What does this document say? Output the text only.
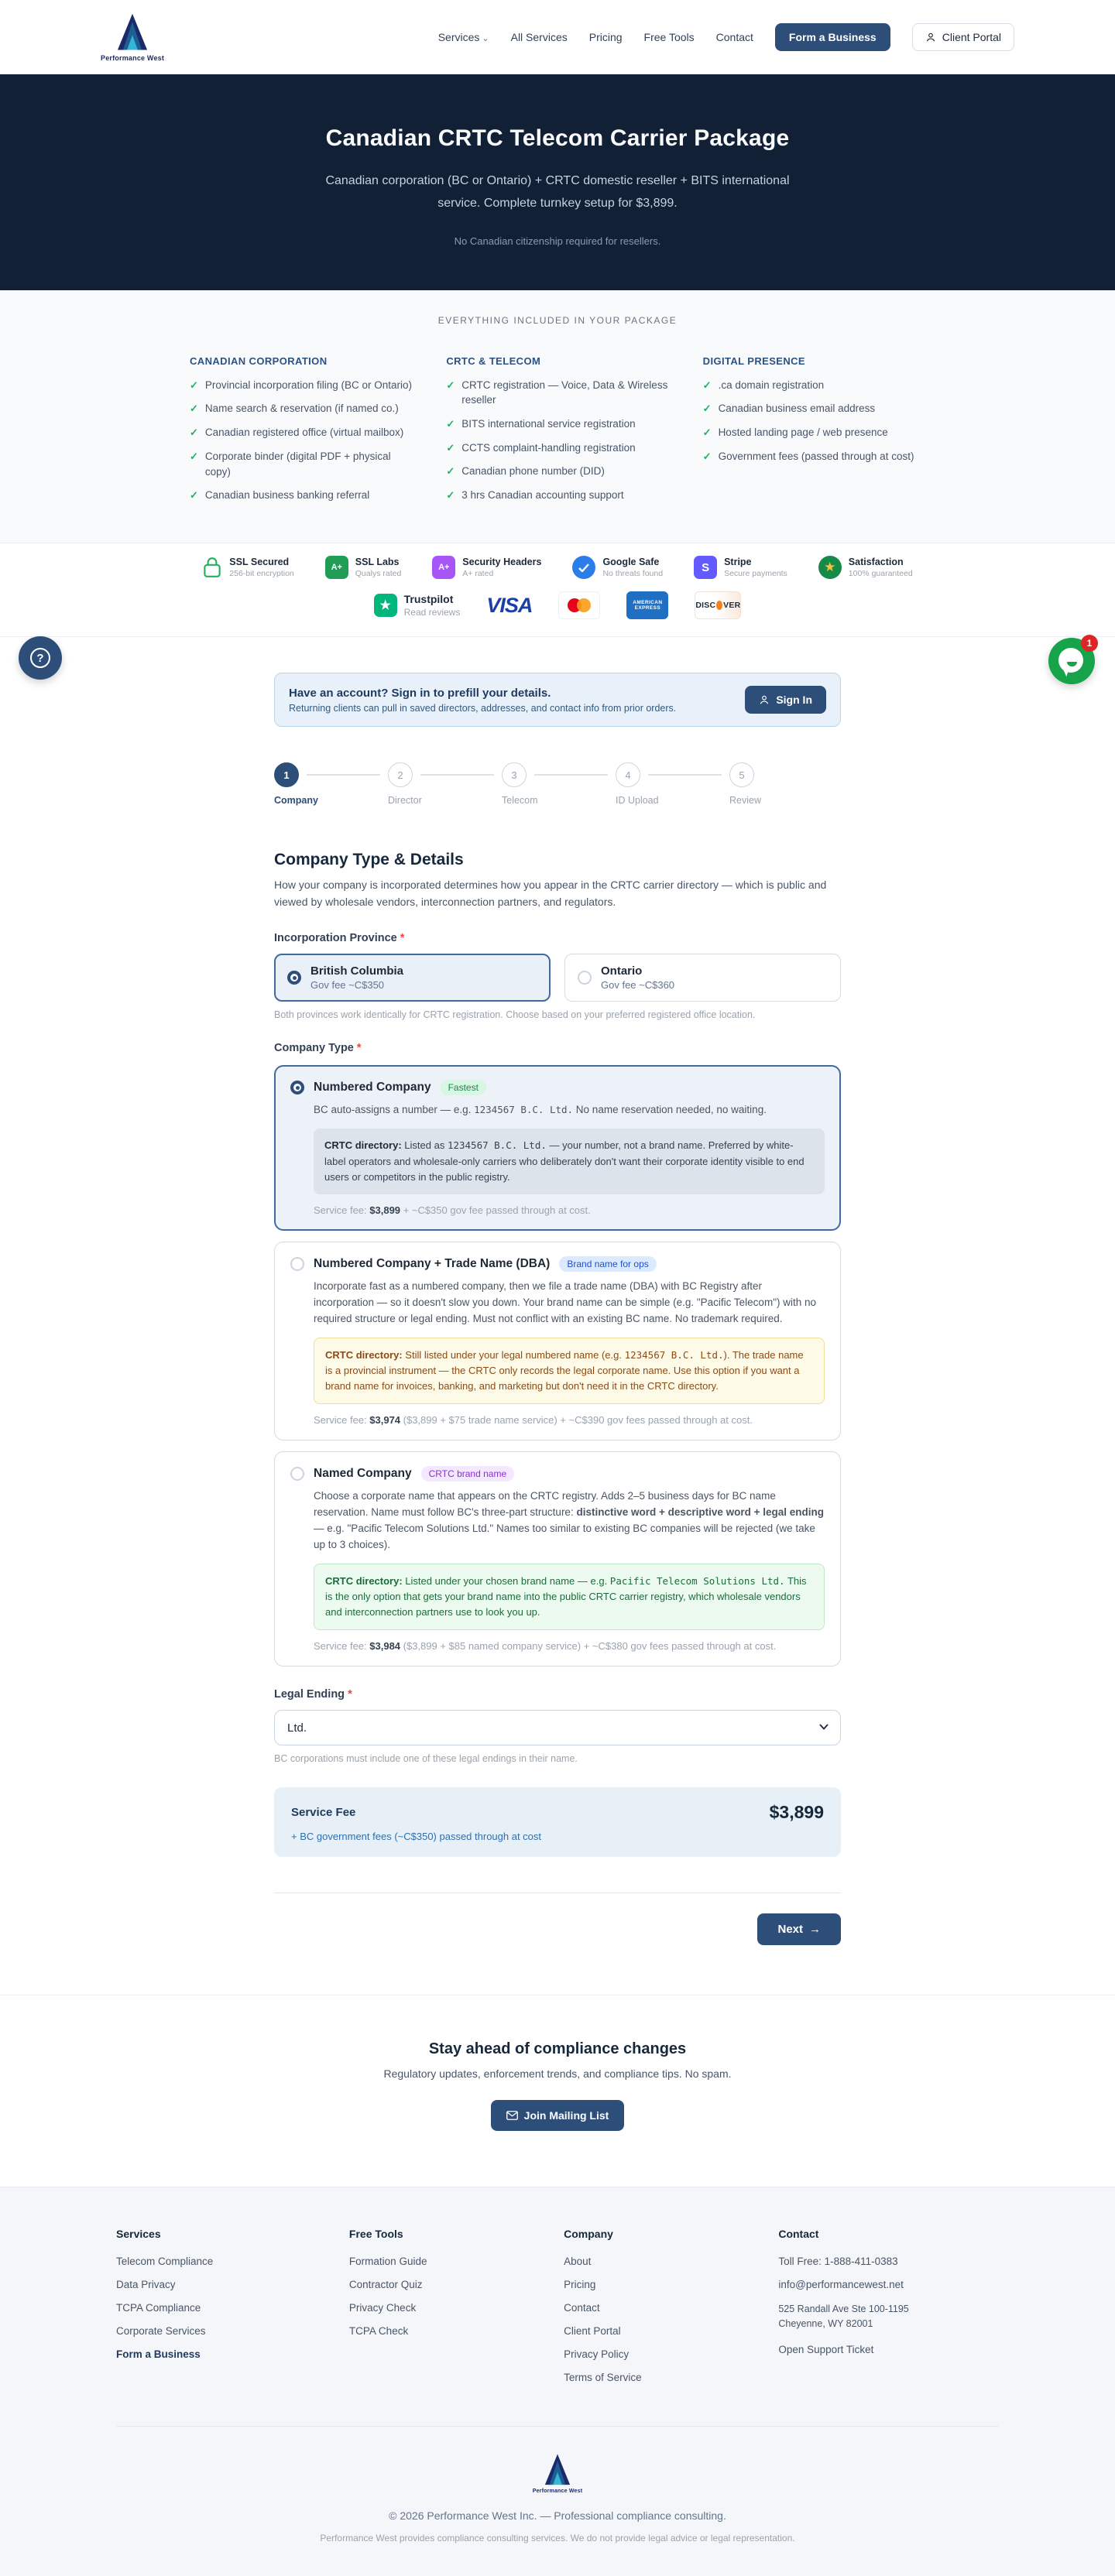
Performance West
Services ⌄ All Services Pricing Free Tools Contact	Form a Business	Client Portal
Canadian CRTC Telecom Carrier Package

Canadian corporation (BC or Ontario) + CRTC domestic reseller + BITS international service. Complete turnkey setup for $3,899.

No Canadian citizenship required for resellers.

EVERYTHING INCLUDED IN YOUR PACKAGE
CANADIAN CORPORATION
✓ Provincial incorporation filing (BC or Ontario)
✓ Name search & reservation (if named co.)
✓ Canadian registered office (virtual mailbox)
✓ Corporate binder (digital PDF + physical copy)
✓ Canadian business banking referral
CRTC & TELECOM
✓ CRTC registration — Voice, Data & Wireless reseller
✓ BITS international service registration
✓ CCTS complaint-handling registration
✓ Canadian phone number (DID)
✓ 3 hrs Canadian accounting support
DIGITAL PRESENCE
✓ .ca domain registration
✓ Canadian business email address
✓ Hosted landing page / web presence
✓ Government fees (passed through at cost)
SSL Secured
256-bit encryption
A+ SSL Labs
Qualys rated
A+ Security Headers
A+ rated
Google Safe
No threats found	S Stripe
Secure payments	★ Satisfaction
100% guaranteed
★ Trustpilot
Read reviews VISA	AMERICAN
EXPRESS	DISC VER
Have an account? Sign in to prefill your details.
Returning clients can pull in saved directors, addresses, and contact info from prior orders.
Sign In
1
Company
2
Director
3
Telecom
4
ID Upload
5
Review
Company Type & Details

How your company is incorporated determines how you appear in the CRTC carrier directory — which is public and viewed by wholesale vendors, interconnection partners, and regulators.

Incorporation Province *
British Columbia
Gov fee ~C$350
Ontario
Gov fee ~C$360
Both provinces work identically for CRTC registration. Choose based on your preferred registered office location.
Company Type *
Numbered Company	Fastest
BC auto-assigns a number — e.g. 1234567 B.C. Ltd. No name reservation needed, no waiting.
CRTC directory: Listed as 1234567 B.C. Ltd. — your number, not a brand name. Preferred by white-label operators and wholesale-only carriers who deliberately don't want their corporate identity visible to end users or competitors in the public registry.
Service fee: $3,899 + ~C$350 gov fee passed through at cost.
Numbered Company + Trade Name (DBA)	Brand name for ops
Incorporate fast as a numbered company, then we file a trade name (DBA) with BC Registry after incorporation — so it doesn't slow you down. Your brand name can be simple (e.g. "Pacific Telecom") with no required structure or legal ending. Must not conflict with an existing BC name. No trademark required.
CRTC directory: Still listed under your legal numbered name (e.g. 1234567 B.C. Ltd.). The trade name is a provincial instrument — the CRTC only records the legal corporate name. Use this option if you want a brand name for invoices, banking, and marketing but don't need it in the CRTC directory.
Service fee: $3,974 ($3,899 + $75 trade name service) + ~C$390 gov fees passed through at cost.
Named Company	CRTC brand name
Choose a corporate name that appears on the CRTC registry. Adds 2–5 business days for BC name reservation. Name must follow BC's three-part structure: distinctive word + descriptive word + legal ending — e.g. "Pacific Telecom Solutions Ltd." Names too similar to existing BC companies will be rejected (we take up to 3 choices).
CRTC directory: Listed under your chosen brand name — e.g. Pacific Telecom Solutions Ltd. This is the only option that gets your brand name into the public CRTC carrier registry, which wholesale vendors and interconnection partners use to look you up.
Service fee: $3,984 ($3,899 + $85 named company service) + ~C$380 gov fees passed through at cost.
Legal Ending *
Ltd.
BC corporations must include one of these legal endings in their name.
Service Fee	$3,899
+ BC government fees (~C$350) passed through at cost
Next →
Stay ahead of compliance changes

Regulatory updates, enforcement trends, and compliance tips. No spam.

Join Mailing List
Services
Telecom Compliance
Data Privacy
TCPA Compliance
Corporate Services
Form a Business
Free Tools
Formation Guide
Contractor Quiz
Privacy Check
TCPA Check
Company
About
Pricing
Contact
Client Portal
Privacy Policy
Terms of Service
Contact
Toll Free: 1-888-411-0383
info@performancewest.net
525 Randall Ave Ste 100-1195
Cheyenne, WY 82001
Open Support Ticket
Performance West
© 2026 Performance West Inc. — Professional compliance consulting.
Performance West provides compliance consulting services. We do not provide legal advice or legal representation.
?
1
